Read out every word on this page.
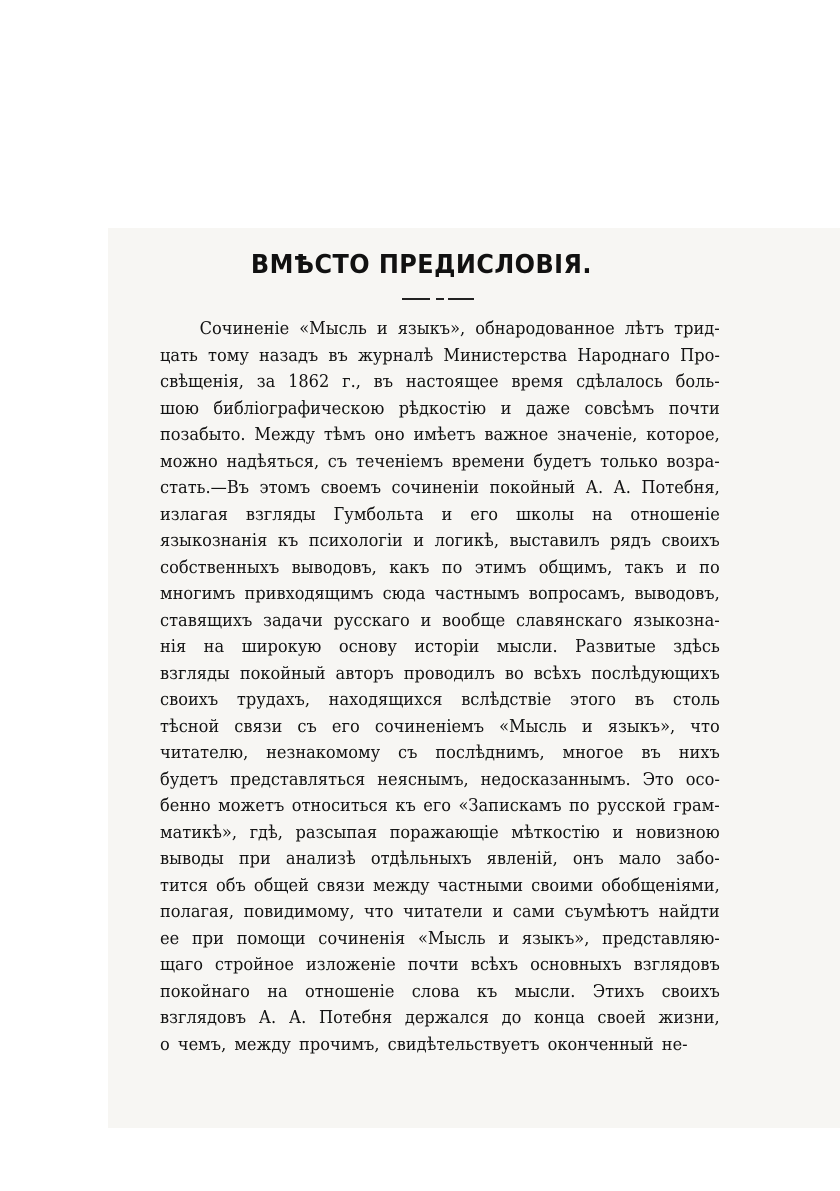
ВМѢСТО ПРЕДИСЛОВІЯ.
Сочиненіе «Мысль и языкъ», обнародованное лѣтъ трид-
цать тому назадъ въ журналѣ Министерства Народнаго Про-
свѣщенія, за 1862 г., въ настоящее время сдѣлалось боль-
шою библіографическою рѣдкостію и даже совсѣмъ почти
позабыто. Между тѣмъ оно имѣетъ важное значеніе, которое,
можно надѣяться, съ теченіемъ времени будетъ только возра-
стать.—Въ этомъ своемъ сочиненіи покойный А. А. Потебня,
излагая взгляды Гумбольта и его школы на отношеніе
языкознанія къ психологіи и логикѣ, выставилъ рядъ своихъ
собственныхъ выводовъ, какъ по этимъ общимъ, такъ и по
многимъ привходящимъ сюда частнымъ вопросамъ, выводовъ,
ставящихъ задачи русскаго и вообще славянскаго языкозна-
нія на широкую основу исторіи мысли. Развитые здѣсь
взгляды покойный авторъ проводилъ во всѣхъ послѣдующихъ
своихъ трудахъ, находящихся вслѣдствіе этого въ столь
тѣсной связи съ его сочиненіемъ «Мысль и языкъ», что
читателю, незнакомому съ послѣднимъ, многое въ нихъ
будетъ представляться неяснымъ, недосказаннымъ. Это осо-
бенно можетъ относиться къ его «Запискамъ по русской грам-
матикѣ», гдѣ, разсыпая поражающіе мѣткостію и новизною
выводы при анализѣ отдѣльныхъ явленій, онъ мало забо-
тится объ общей связи между частными своими обобщеніями,
полагая, повидимому, что читатели и сами съумѣютъ найдти
ее при помощи сочиненія «Мысль и языкъ», представляю-
щаго стройное изложеніе почти всѣхъ основныхъ взглядовъ
покойнаго на отношеніе слова къ мысли. Этихъ своихъ
взглядовъ А. А. Потебня держался до конца своей жизни,
о чемъ, между прочимъ, свидѣтельствуетъ оконченный не-
